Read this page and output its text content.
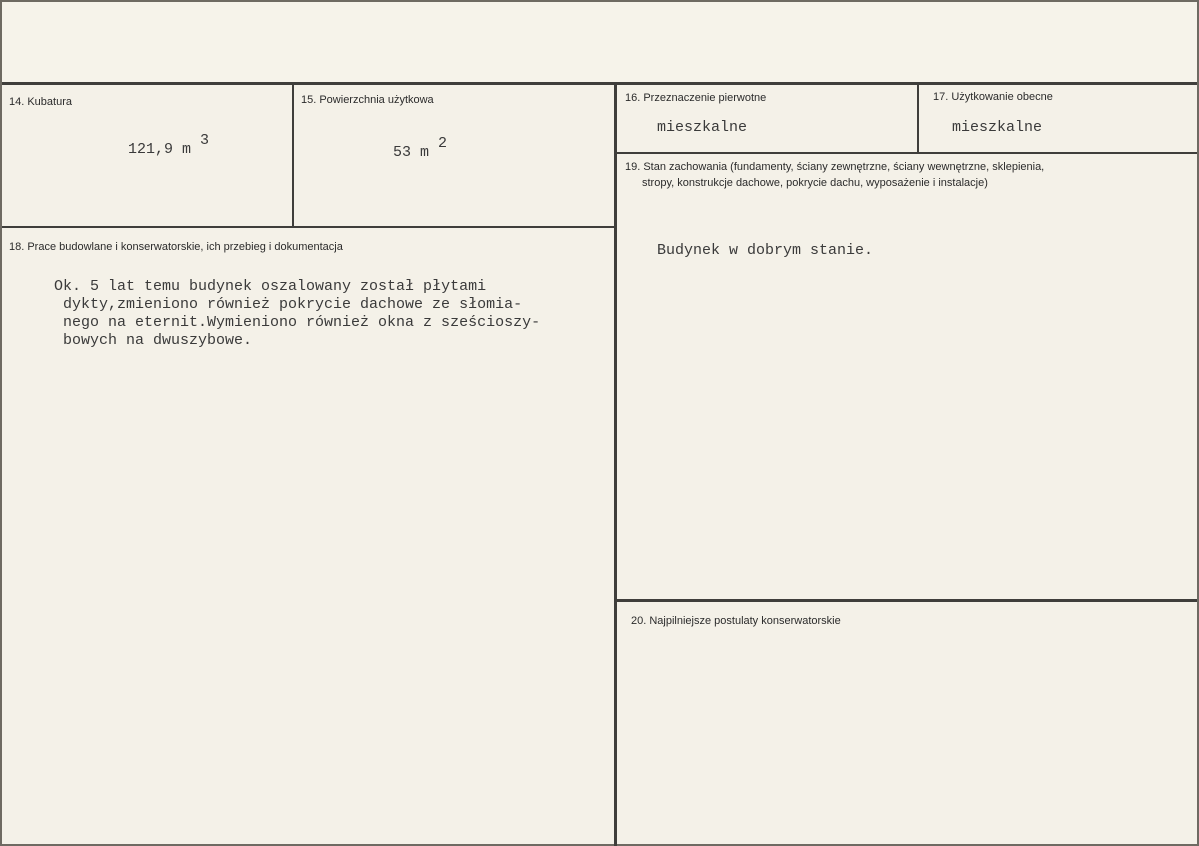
14. Kubatura
121,9 m $^3$
15. Powierzchnia użytkowa
53 m $^2$
16. Przeznaczenie pierwotne
mieszkalne
17. Użytkowanie obecne
mieszkalne
18. Prace budowlane i konserwatorskie, ich przebieg i dokumentacja
Ok. 5 lat temu budynek oszalowany został płytami
dykty,zmieniono również pokrycie dachowe ze słomia-
nego na eternit.Wymieniono również okna z sześcioszy-
bowych na dwuszybowe.
19. Stan zachowania (fundamenty, ściany zewnętrzne, ściany wewnętrzne, sklepienia,
stropy, konstrukcje dachowe, pokrycie dachu, wyposażenie i instalacje)
Budynek w dobrym stanie.
20. Najpilniejsze postulaty konserwatorskie
